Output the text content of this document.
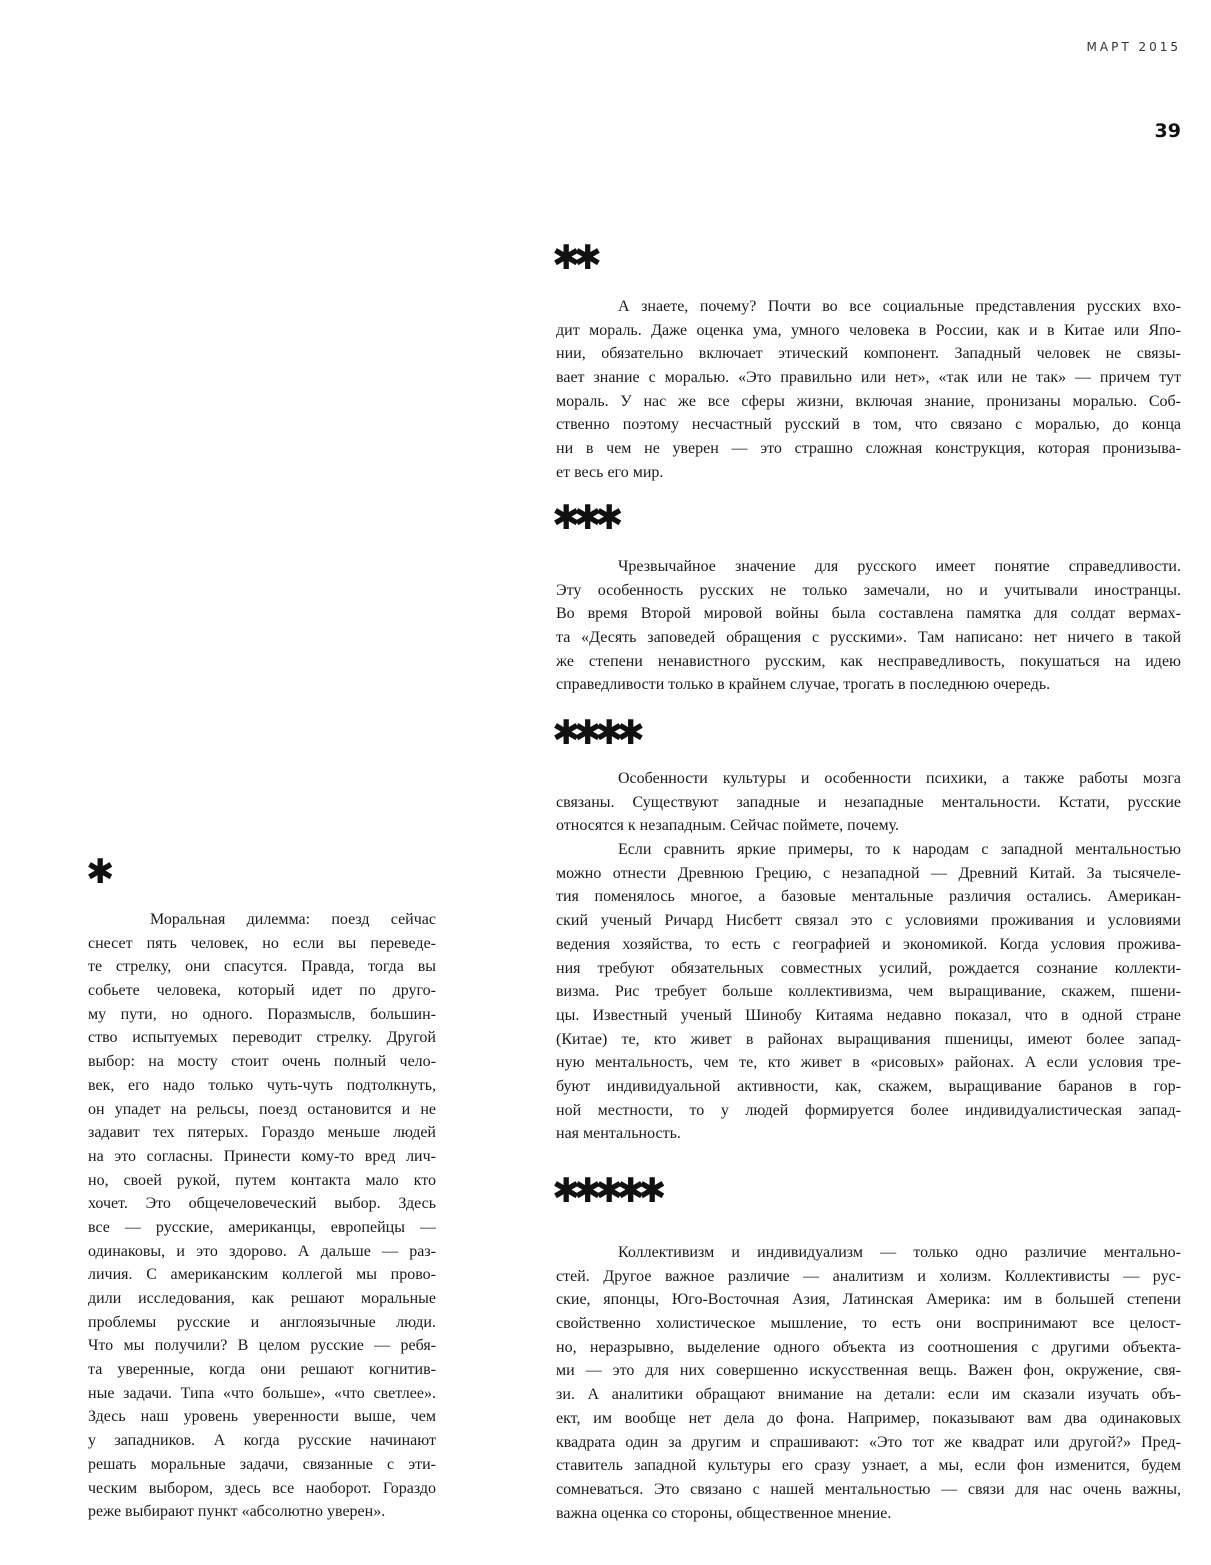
МАРТ 2015
39
✱
Моральная дилемма: поезд сейчас
снесет пять человек, но если вы переведе-
те стрелку, они спасутся. Правда, тогда вы
собьете человека, который идет по друго-
му пути, но одного. Поразмыслв, большин-
ство испытуемых переводит стрелку. Другой
выбор: на мосту стоит очень полный чело-
век, его надо только чуть-чуть подтолкнуть,
он упадет на рельсы, поезд остановится и не
задавит тех пятерых. Гораздо меньше людей
на это согласны. Принести кому-то вред лич-
но, своей рукой, путем контакта мало кто
хочет. Это общечеловеческий выбор. Здесь
все — русские, американцы, европейцы —
одинаковы, и это здорово. А дальше — раз-
личия. С американским коллегой мы прово-
дили исследования, как решают моральные
проблемы русские и англоязычные люди.
Что мы получили? В целом русские — ребя-
та уверенные, когда они решают когнитив-
ные задачи. Типа «что больше», «что светлее».
Здесь наш уровень уверенности выше, чем
у западников. А когда русские начинают
решать моральные задачи, связанные с эти-
ческим выбором, здесь все наоборот. Гораздо
реже выбирают пункт «абсолютно уверен».
✱✱
А знаете, почему? Почти во все социальные представления русских вхо-
дит мораль. Даже оценка ума, умного человека в России, как и в Китае или Япо-
нии, обязательно включает этический компонент. Западный человек не связы-
вает знание с моралью. «Это правильно или нет», «так или не так» — причем тут
мораль. У нас же все сферы жизни, включая знание, пронизаны моралью. Соб-
ственно поэтому несчастный русский в том, что связано с моралью, до конца
ни в чем не уверен — это страшно сложная конструкция, которая пронизыва-
ет весь его мир.
✱✱✱
Чрезвычайное значение для русского имеет понятие справедливости.
Эту особенность русских не только замечали, но и учитывали иностранцы.
Во время Второй мировой войны была составлена памятка для солдат вермах-
та «Десять заповедей обращения с русскими». Там написано: нет ничего в такой
же степени ненавистного русским, как несправедливость, покушаться на идею
справедливости только в крайнем случае, трогать в последнюю очередь.
✱✱✱✱
Особенности культуры и особенности психики, а также работы мозга
связаны. Существуют западные и незападные ментальности. Кстати, русские
относятся к незападным. Сейчас поймете, почему.
Если сравнить яркие примеры, то к народам с западной ментальностью
можно отнести Древнюю Грецию, с незападной — Древний Китай. За тысячеле-
тия поменялось многое, а базовые ментальные различия остались. Американ-
ский ученый Ричард Нисбетт связал это с условиями проживания и условиями
ведения хозяйства, то есть с географией и экономикой. Когда условия прожива-
ния требуют обязательных совместных усилий, рождается сознание коллекти-
визма. Рис требует больше коллективизма, чем выращивание, скажем, пшени-
цы. Известный ученый Шинобу Китаяма недавно показал, что в одной стране
(Китае) те, кто живет в районах выращивания пшеницы, имеют более запад-
ную ментальность, чем те, кто живет в «рисовых» районах. А если условия тре-
буют индивидуальной активности, как, скажем, выращивание баранов в гор-
ной местности, то у людей формируется более индивидуалистическая запад-
ная ментальность.
✱✱✱✱✱
Коллективизм и индивидуализм — только одно различие ментально-
стей. Другое важное различие — аналитизм и холизм. Коллективисты — рус-
ские, японцы, Юго-Восточная Азия, Латинская Америка: им в большей степени
свойственно холистическое мышление, то есть они воспринимают все целост-
но, неразрывно, выделение одного объекта из соотношения с другими объекта-
ми — это для них совершенно искусственная вещь. Важен фон, окружение, свя-
зи. А аналитики обращают внимание на детали: если им сказали изучать объ-
ект, им вообще нет дела до фона. Например, показывают вам два одинаковых
квадрата один за другим и спрашивают: «Это тот же квадрат или другой?» Пред-
ставитель западной культуры его сразу узнает, а мы, если фон изменится, будем
сомневаться. Это связано с нашей ментальностью — связи для нас очень важны,
важна оценка со стороны, общественное мнение.
